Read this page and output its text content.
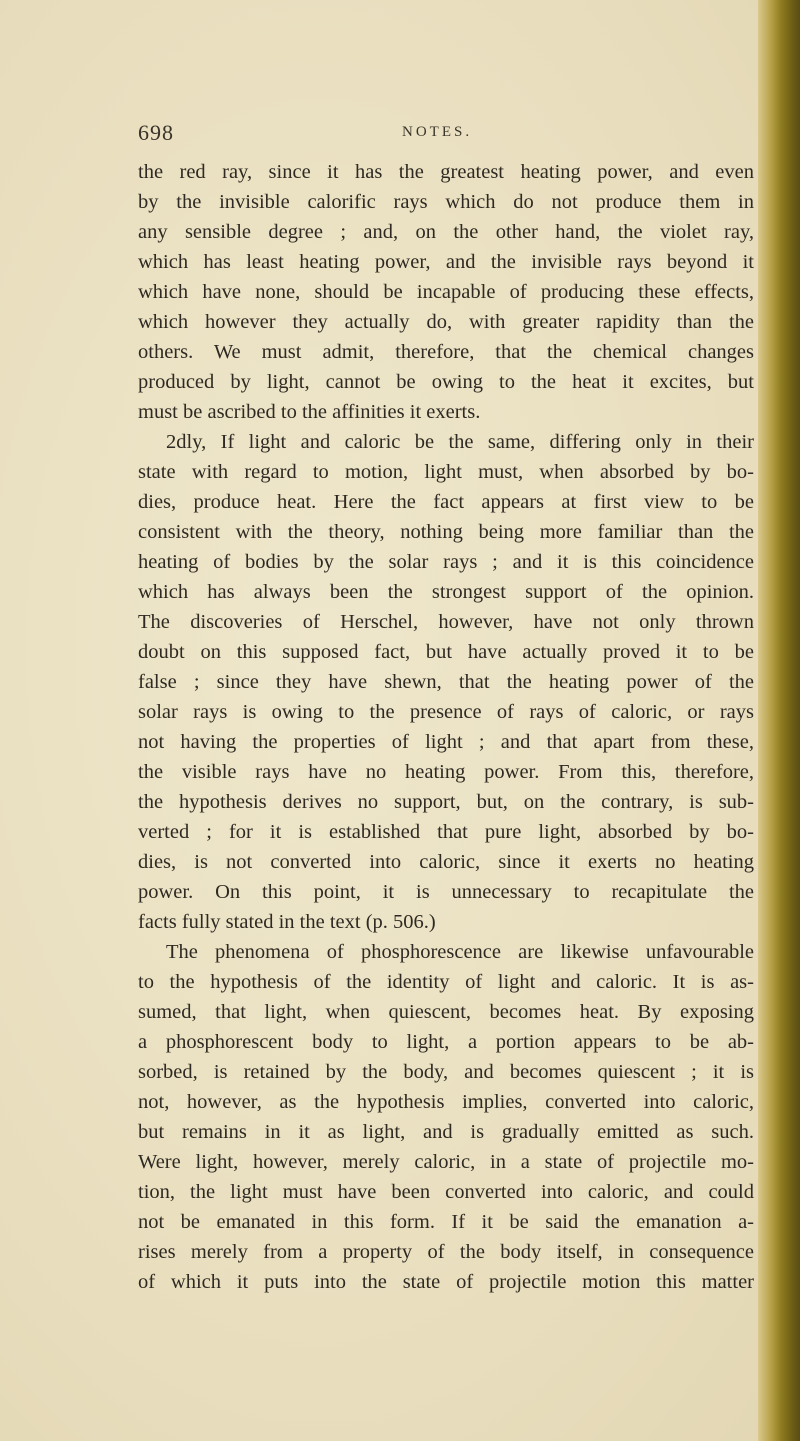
698	NOTES.

the red ray, since it has the greatest heating power, and even

by the invisible calorific rays which do not produce them in

any sensible degree ; and, on the other hand, the violet ray,

which has least heating power, and the invisible rays beyond it

which have none, should be incapable of producing these effects,

which however they actually do, with greater rapidity than the

others. We must admit, therefore, that the chemical changes

produced by light, cannot be owing to the heat it excites, but

must be ascribed to the affinities it exerts.

2dly, If light and caloric be the same, differing only in their

state with regard to motion, light must, when absorbed by bo-

dies, produce heat. Here the fact appears at first view to be

consistent with the theory, nothing being more familiar than the

heating of bodies by the solar rays ; and it is this coincidence

which has always been the strongest support of the opinion.

The discoveries of Herschel, however, have not only thrown

doubt on this supposed fact, but have actually proved it to be

false ; since they have shewn, that the heating power of the

solar rays is owing to the presence of rays of caloric, or rays

not having the properties of light ; and that apart from these,

the visible rays have no heating power. From this, therefore,

the hypothesis derives no support, but, on the contrary, is sub-

verted ; for it is established that pure light, absorbed by bo-

dies, is not converted into caloric, since it exerts no heating

power. On this point, it is unnecessary to recapitulate the

facts fully stated in the text (p. 506.)

The phenomena of phosphorescence are likewise unfavourable

to the hypothesis of the identity of light and caloric. It is as-

sumed, that light, when quiescent, becomes heat. By exposing

a phosphorescent body to light, a portion appears to be ab-

sorbed, is retained by the body, and becomes quiescent ; it is

not, however, as the hypothesis implies, converted into caloric,

but remains in it as light, and is gradually emitted as such.

Were light, however, merely caloric, in a state of projectile mo-

tion, the light must have been converted into caloric, and could

not be emanated in this form. If it be said the emanation a-

rises merely from a property of the body itself, in consequence

of which it puts into the state of projectile motion this matter
